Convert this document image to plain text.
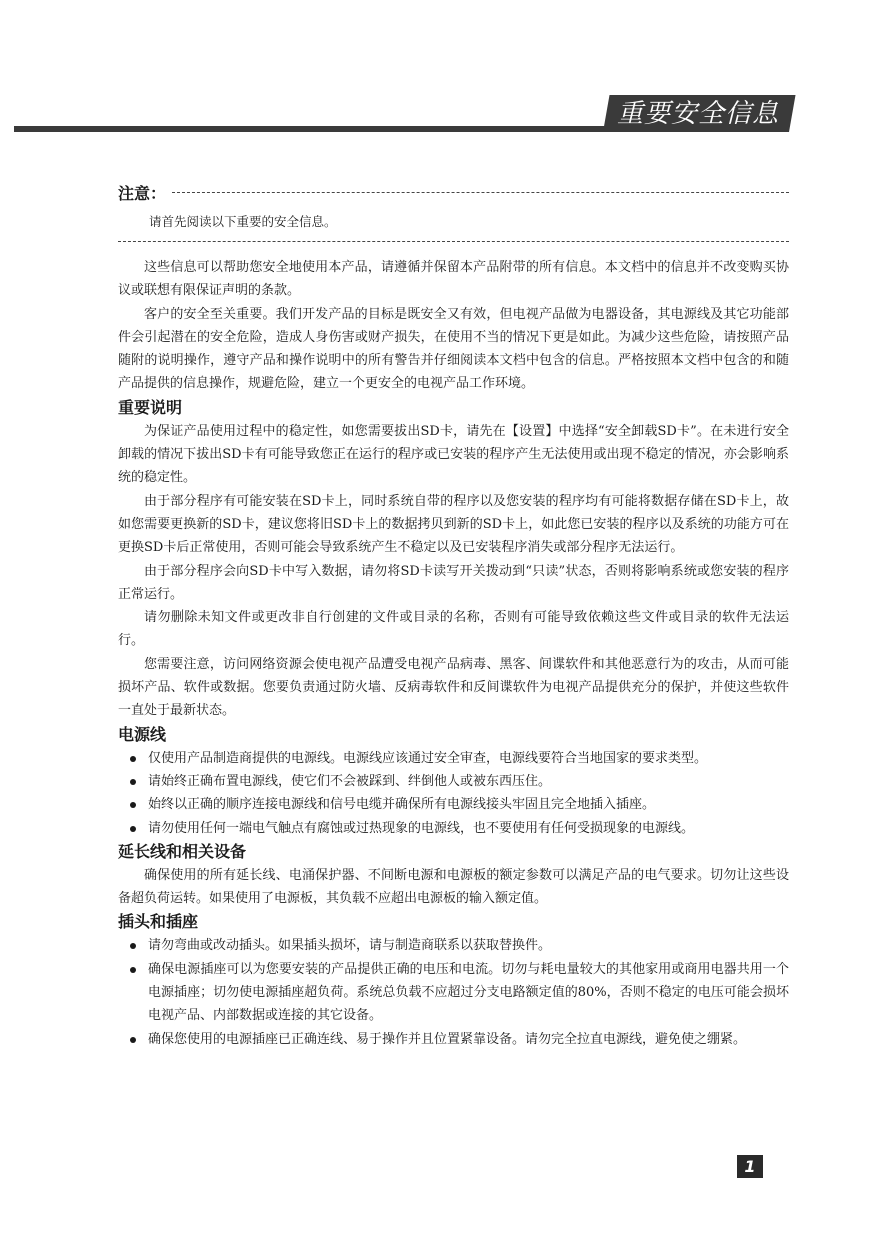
重要安全信息
注意：
请首先阅读以下重要的安全信息。

这些信息可以帮助您安全地使用本产品，请遵循并保留本产品附带的所有信息。本文档中的信息并不改变购买协议或联想有限保证声明的条款。

客户的安全至关重要。我们开发产品的目标是既安全又有效，但电视产品做为电器设备，其电源线及其它功能部件会引起潜在的安全危险，造成人身伤害或财产损失，在使用不当的情况下更是如此。为减少这些危险，请按照产品随附的说明操作，遵守产品和操作说明中的所有警告并仔细阅读本文档中包含的信息。严格按照本文档中包含的和随产品提供的信息操作，规避危险，建立一个更安全的电视产品工作环境。

重要说明

为保证产品使用过程中的稳定性，如您需要拔出SD卡，请先在【设置】中选择“安全卸载SD卡”。在未进行安全卸载的情况下拔出SD卡有可能导致您正在运行的程序或已安装的程序产生无法使用或出现不稳定的情况，亦会影响系统的稳定性。

由于部分程序有可能安装在SD卡上，同时系统自带的程序以及您安装的程序均有可能将数据存储在SD卡上，故如您需要更换新的SD卡，建议您将旧SD卡上的数据拷贝到新的SD卡上，如此您已安装的程序以及系统的功能方可在更换SD卡后正常使用，否则可能会导致系统产生不稳定以及已安装程序消失或部分程序无法运行。

由于部分程序会向SD卡中写入数据，请勿将SD卡读写开关拨动到“只读”状态，否则将影响系统或您安装的程序正常运行。

请勿删除未知文件或更改非自行创建的文件或目录的名称，否则有可能导致依赖这些文件或目录的软件无法运行。

您需要注意，访问网络资源会使电视产品遭受电视产品病毒、黑客、间谍软件和其他恶意行为的攻击，从而可能损坏产品、软件或数据。您要负责通过防火墙、反病毒软件和反间谍软件为电视产品提供充分的保护，并使这些软件一直处于最新状态。

电源线
仅使用产品制造商提供的电源线。电源线应该通过安全审查，电源线要符合当地国家的要求类型。
请始终正确布置电源线，使它们不会被踩到、绊倒他人或被东西压住。
始终以正确的顺序连接电源线和信号电缆并确保所有电源线接头牢固且完全地插入插座。
请勿使用任何一端电气触点有腐蚀或过热现象的电源线，也不要使用有任何受损现象的电源线。
延长线和相关设备

确保使用的所有延长线、电涌保护器、不间断电源和电源板的额定参数可以满足产品的电气要求。切勿让这些设备超负荷运转。如果使用了电源板，其负载不应超出电源板的输入额定值。

插头和插座
请勿弯曲或改动插头。如果插头损坏，请与制造商联系以获取替换件。
确保电源插座可以为您要安装的产品提供正确的电压和电流。切勿与耗电量较大的其他家用或商用电器共用一个电源插座；切勿使电源插座超负荷。系统总负载不应超过分支电路额定值的80%，否则不稳定的电压可能会损坏电视产品、内部数据或连接的其它设备。
确保您使用的电源插座已正确连线、易于操作并且位置紧靠设备。请勿完全拉直电源线，避免使之绷紧。
1
